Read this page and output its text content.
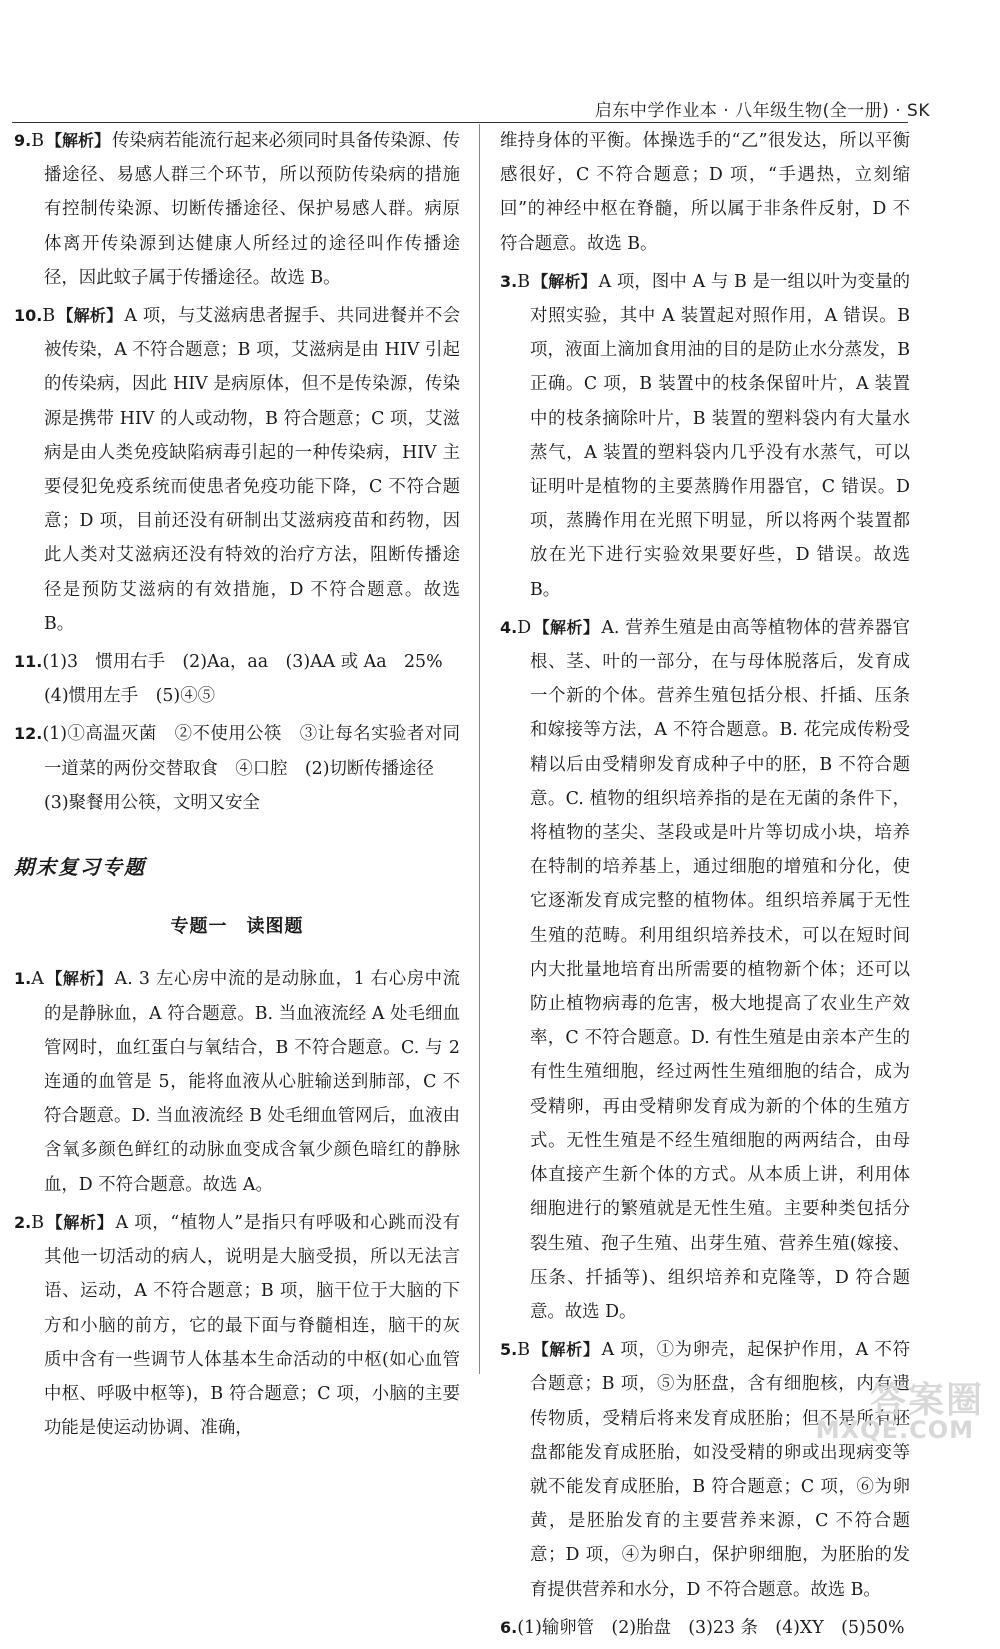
启东中学作业本 · 八年级生物(全一册) · SK

9.B 【解析】 传染病若能流行起来必须同时具备传染源、传播途径、易感人群三个环节，所以预防传染病的措施有控制传染源、切断传播途径、保护易感人群。病原体离开传染源到达健康人所经过的途径叫作传播途径，因此蚊子属于传播途径。故选 B。

10.B 【解析】 A 项，与艾滋病患者握手、共同进餐并不会被传染，A 不符合题意；B 项，艾滋病是由 HIV 引起的传染病，因此 HIV 是病原体，但不是传染源，传染源是携带 HIV 的人或动物，B 符合题意；C 项，艾滋病是由人类免疫缺陷病毒引起的一种传染病，HIV 主要侵犯免疫系统而使患者免疫功能下降，C 不符合题意；D 项，目前还没有研制出艾滋病疫苗和药物，因此人类对艾滋病还没有特效的治疗方法，阻断传播途径是预防艾滋病的有效措施，D 不符合题意。故选 B。

11.(1)3　惯用右手　(2)Aa，aa　(3)AA 或 Aa　25%
(4)惯用左手　(5)④⑤

12.(1)①高温灭菌　②不使用公筷　③让每名实验者对同一道菜的两份交替取食　④口腔　(2)切断传播途径
(3)聚餐用公筷，文明又安全

期末复习专题
专题一　读图题

1.A 【解析】 A. 3 左心房中流的是动脉血，1 右心房中流的是静脉血，A 符合题意。B. 当血液流经 A 处毛细血管网时，血红蛋白与氧结合，B 不符合题意。C. 与 2 连通的血管是 5，能将血液从心脏输送到肺部，C 不符合题意。D. 当血液流经 B 处毛细血管网后，血液由含氧多颜色鲜红的动脉血变成含氧少颜色暗红的静脉血，D 不符合题意。故选 A。

2.B 【解析】 A 项，“植物人”是指只有呼吸和心跳而没有其他一切活动的病人，说明是大脑受损，所以无法言语、运动，A 不符合题意；B 项，脑干位于大脑的下方和小脑的前方，它的最下面与脊髓相连，脑干的灰质中含有一些调节人体基本生命活动的中枢(如心血管中枢、呼吸中枢等)，B 符合题意；C 项，小脑的主要功能是使运动协调、准确，

维持身体的平衡。体操选手的“乙”很发达，所以平衡感很好，C 不符合题意；D 项，“手遇热，立刻缩回”的神经中枢在脊髓，所以属于非条件反射，D 不符合题意。故选 B。

3.B 【解析】 A 项，图中 A 与 B 是一组以叶为变量的对照实验，其中 A 装置起对照作用，A 错误。B 项，液面上滴加食用油的目的是防止水分蒸发，B 正确。C 项，B 装置中的枝条保留叶片，A 装置中的枝条摘除叶片，B 装置的塑料袋内有大量水蒸气，A 装置的塑料袋内几乎没有水蒸气，可以证明叶是植物的主要蒸腾作用器官，C 错误。D 项，蒸腾作用在光照下明显，所以将两个装置都放在光下进行实验效果要好些，D 错误。故选 B。

4.D 【解析】 A. 营养生殖是由高等植物体的营养器官根、茎、叶的一部分，在与母体脱落后，发育成一个新的个体。营养生殖包括分根、扦插、压条和嫁接等方法，A 不符合题意。B. 花完成传粉受精以后由受精卵发育成种子中的胚，B 不符合题意。C. 植物的组织培养指的是在无菌的条件下，将植物的茎尖、茎段或是叶片等切成小块，培养在特制的培养基上，通过细胞的增殖和分化，使它逐渐发育成完整的植物体。组织培养属于无性生殖的范畴。利用组织培养技术，可以在短时间内大批量地培育出所需要的植物新个体；还可以防止植物病毒的危害，极大地提高了农业生产效率，C 不符合题意。D. 有性生殖是由亲本产生的有性生殖细胞，经过两性生殖细胞的结合，成为受精卵，再由受精卵发育成为新的个体的生殖方式。无性生殖是不经生殖细胞的两两结合，由母体直接产生新个体的方式。从本质上讲，利用体细胞进行的繁殖就是无性生殖。主要种类包括分裂生殖、孢子生殖、出芽生殖、营养生殖(嫁接、压条、扦插等)、组织培养和克隆等，D 符合题意。故选 D。

5.B 【解析】 A 项，①为卵壳，起保护作用，A 不符合题意；B 项，⑤为胚盘，含有细胞核，内有遗传物质，受精后将来发育成胚胎；但不是所有胚盘都能发育成胚胎，如没受精的卵或出现病变等就不能发育成胚胎，B 符合题意；C 项，⑥为卵黄，是胚胎发育的主要营养来源，C 不符合题意；D 项，④为卵白，保护卵细胞，为胚胎的发育提供营养和水分，D 不符合题意。故选 B。

6.(1)输卵管　(2)胎盘　(3)23 条　(4)XY　(5)50%

答案圈
MXQE.COM
